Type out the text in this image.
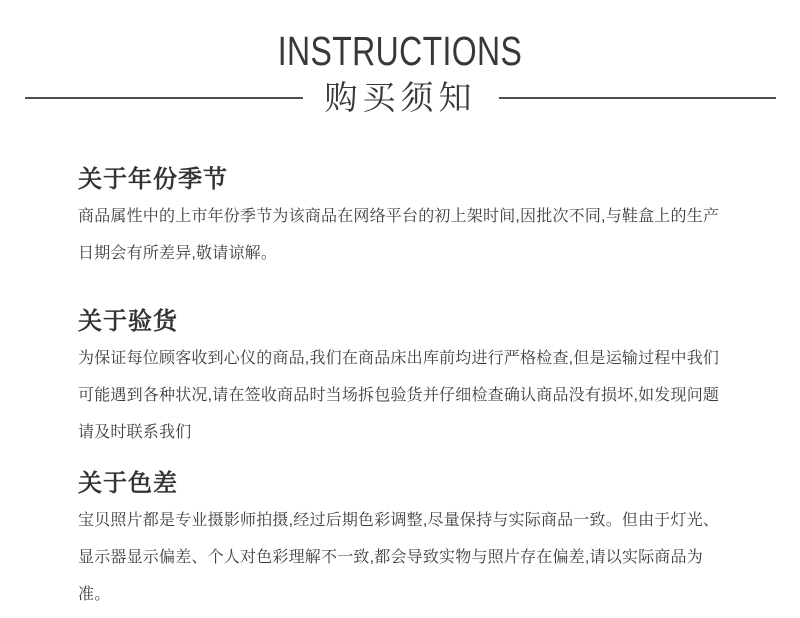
INSTRUCTIONS
购买须知
关于年份季节

商品属性中的上市年份季节为该商品在网络平台的初上架时间,因批次不同,与鞋盒上的生产日期会有所差异,敬请谅解。

关于验货

为保证每位顾客收到心仪的商品,我们在商品床出库前均进行严格检查,但是运输过程中我们可能遇到各种状况,请在签收商品时当场拆包验货并仔细检查确认商品没有损坏,如发现问题请及时联系我们

关于色差

宝贝照片都是专业摄影师拍摄,经过后期色彩调整,尽量保持与实际商品一致。但由于灯光、显示器显示偏差、个人对色彩理解不一致,都会导致实物与照片存在偏差,请以实际商品为准。
